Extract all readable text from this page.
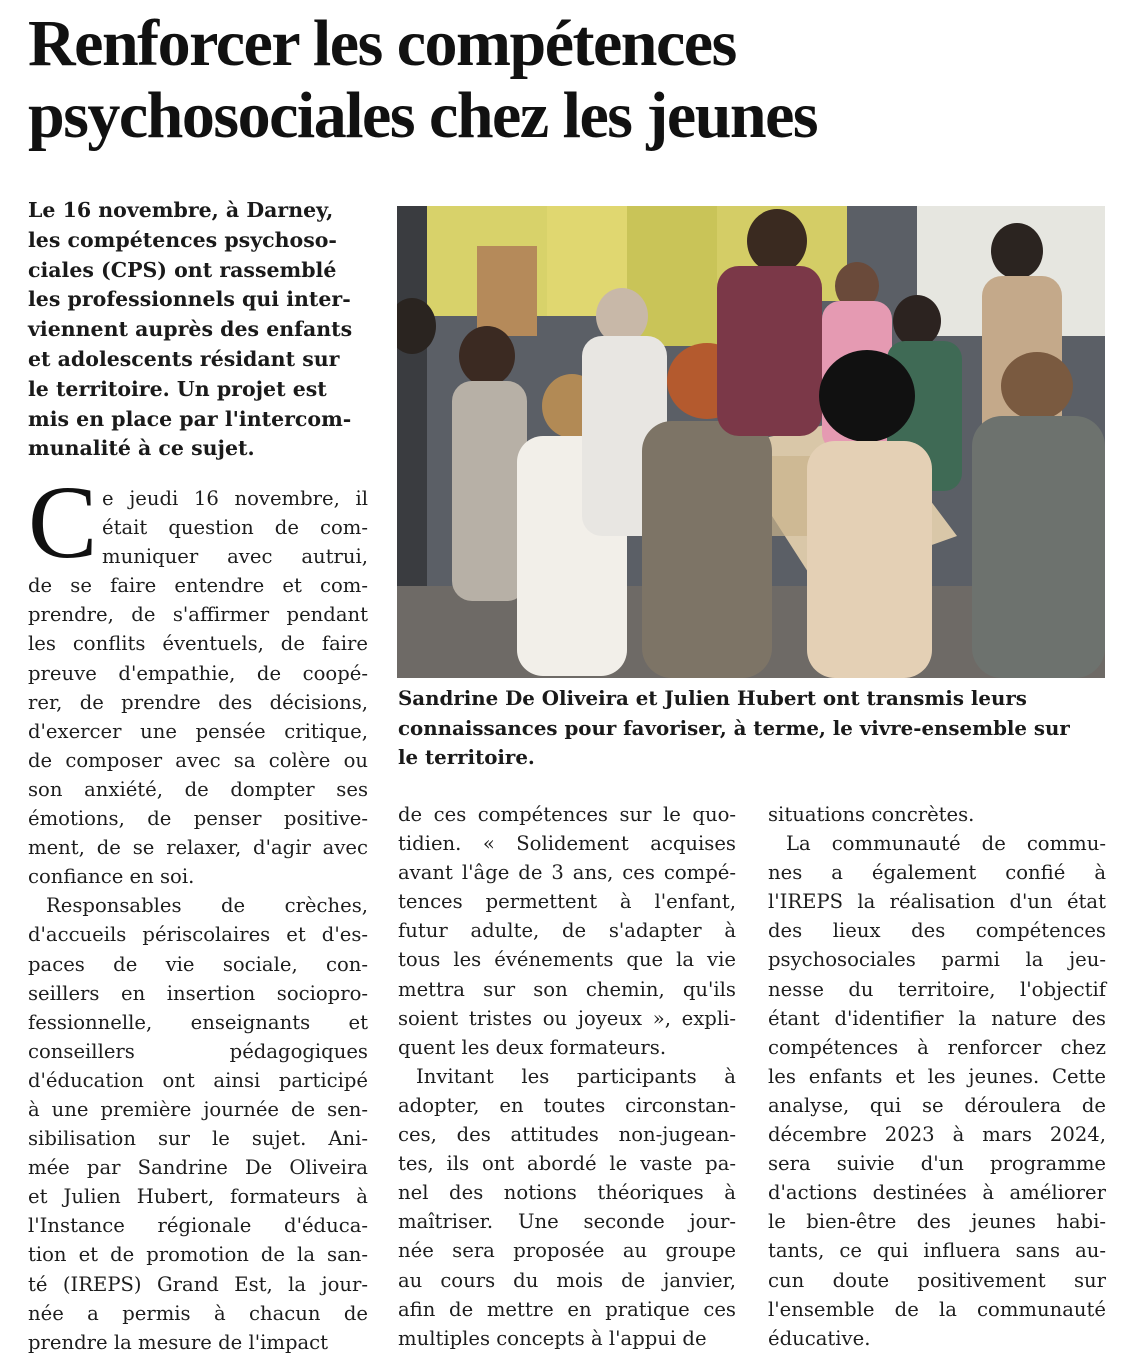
Renforcer les compétences
psychosociales chez les jeunes
Le 16 novembre, à Darney,
les compétences psychoso-
ciales (CPS) ont rassemblé
les professionnels qui inter-
viennent auprès des enfants
et adolescents résidant sur
le territoire. Un projet est
mis en place par l'intercom-
munalité à ce sujet.
Sandrine De Oliveira et Julien Hubert ont transmis leurs
connaissances pour favoriser, à terme, le vivre-ensemble sur
le territoire.
C e jeudi 16 novembre, il
était question de com-
muniquer avec autrui,
de se faire entendre et com-
prendre, de s'affirmer pendant
les conflits éventuels, de faire
preuve d'empathie, de coopé-
rer, de prendre des décisions,
d'exercer une pensée critique,
de composer avec sa colère ou
son anxiété, de dompter ses
émotions, de penser positive-
ment, de se relaxer, d'agir avec
confiance en soi.
Responsables de crèches,
d'accueils périscolaires et d'es-
paces de vie sociale, con-
seillers en insertion sociopro-
fessionnelle, enseignants et
conseillers pédagogiques
d'éducation ont ainsi participé
à une première journée de sen-
sibilisation sur le sujet. Ani-
mée par Sandrine De Oliveira
et Julien Hubert, formateurs à
l'Instance régionale d'éduca-
tion et de promotion de la san-
té (IREPS) Grand Est, la jour-
née a permis à chacun de
prendre la mesure de l'impact
de ces compétences sur le quo-
tidien. « Solidement acquises
avant l'âge de 3 ans, ces compé-
tences permettent à l'enfant,
futur adulte, de s'adapter à
tous les événements que la vie
mettra sur son chemin, qu'ils
soient tristes ou joyeux », expli-
quent les deux formateurs.
Invitant les participants à
adopter, en toutes circonstan-
ces, des attitudes non-jugean-
tes, ils ont abordé le vaste pa-
nel des notions théoriques à
maîtriser. Une seconde jour-
née sera proposée au groupe
au cours du mois de janvier,
afin de mettre en pratique ces
multiples concepts à l'appui de
situations concrètes.
La communauté de commu-
nes a également confié à
l'IREPS la réalisation d'un état
des lieux des compétences
psychosociales parmi la jeu-
nesse du territoire, l'objectif
étant d'identifier la nature des
compétences à renforcer chez
les enfants et les jeunes. Cette
analyse, qui se déroulera de
décembre 2023 à mars 2024,
sera suivie d'un programme
d'actions destinées à améliorer
le bien-être des jeunes habi-
tants, ce qui influera sans au-
cun doute positivement sur
l'ensemble de la communauté
éducative.
